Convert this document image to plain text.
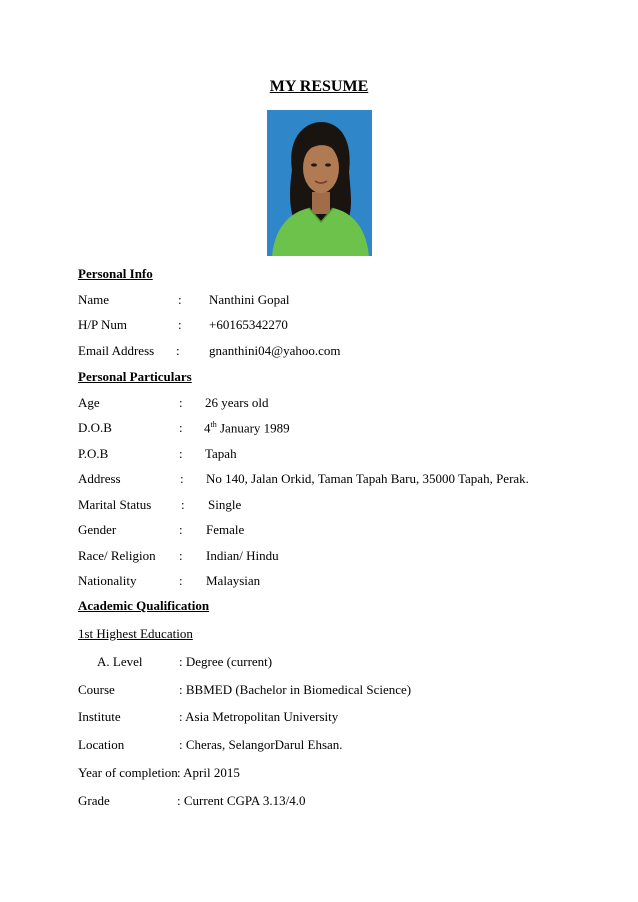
MY RESUME
Personal Info
Name	: Nanthini Gopal
H/P Num	: +60165342270
Email Address : gnanthini04@yahoo.com
Personal Particulars
Age	: 26 years old
D.O.B	: 4th January 1989
P.O.B	: Tapah
Address	: No 140, Jalan Orkid, Taman Tapah Baru, 35000 Tapah, Perak.
Marital Status : Single
Gender	: Female
Race/ Religion : Indian/ Hindu
Nationality	: Malaysian
Academic Qualification
1st Highest Education
A. Level	: Degree (current)
Course	: BBMED (Bachelor in Biomedical Science)
Institute	: Asia Metropolitan University
Location	: Cheras, SelangorDarul Ehsan.
Year of completion : April 2015
Grade	: Current CGPA 3.13/4.0
